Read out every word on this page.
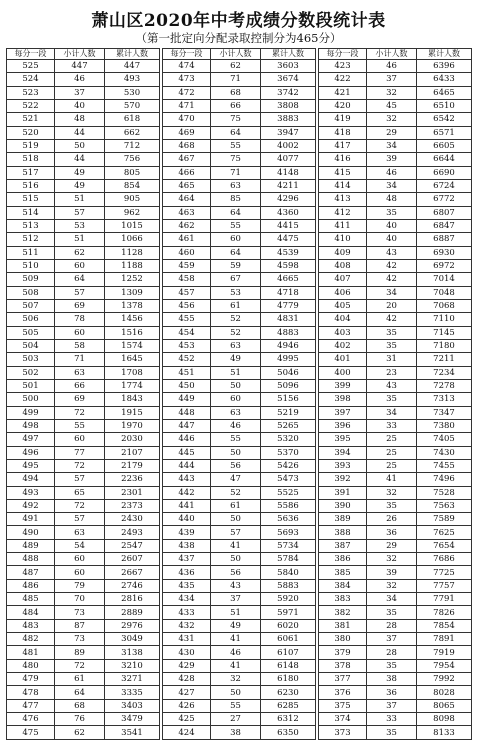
萧山区2020年中考成绩分数段统计表
（第一批定向分配录取控制分为465分）
每分一段	小计人数	累计人数
525	447	447
524	46	493
523	37	530
522	40	570
521	48	618
520	44	662
519	50	712
518	44	756
517	49	805
516	49	854
515	51	905
514	57	962
513	53	1015
512	51	1066
511	62	1128
510	60	1188
509	64	1252
508	57	1309
507	69	1378
506	78	1456
505	60	1516
504	58	1574
503	71	1645
502	63	1708
501	66	1774
500	69	1843
499	72	1915
498	55	1970
497	60	2030
496	77	2107
495	72	2179
494	57	2236
493	65	2301
492	72	2373
491	57	2430
490	63	2493
489	54	2547
488	60	2607
487	60	2667
486	79	2746
485	70	2816
484	73	2889
483	87	2976
482	73	3049
481	89	3138
480	72	3210
479	61	3271
478	64	3335
477	68	3403
476	76	3479
475	62	3541
每分一段	小计人数	累计人数
474	62	3603
473	71	3674
472	68	3742
471	66	3808
470	75	3883
469	64	3947
468	55	4002
467	75	4077
466	71	4148
465	63	4211
464	85	4296
463	64	4360
462	55	4415
461	60	4475
460	64	4539
459	59	4598
458	67	4665
457	53	4718
456	61	4779
455	52	4831
454	52	4883
453	63	4946
452	49	4995
451	51	5046
450	50	5096
449	60	5156
448	63	5219
447	46	5265
446	55	5320
445	50	5370
444	56	5426
443	47	5473
442	52	5525
441	61	5586
440	50	5636
439	57	5693
438	41	5734
437	50	5784
436	56	5840
435	43	5883
434	37	5920
433	51	5971
432	49	6020
431	41	6061
430	46	6107
429	41	6148
428	32	6180
427	50	6230
426	55	6285
425	27	6312
424	38	6350
每分一段	小计人数	累计人数
423	46	6396
422	37	6433
421	32	6465
420	45	6510
419	32	6542
418	29	6571
417	34	6605
416	39	6644
415	46	6690
414	34	6724
413	48	6772
412	35	6807
411	40	6847
410	40	6887
409	43	6930
408	42	6972
407	42	7014
406	34	7048
405	20	7068
404	42	7110
403	35	7145
402	35	7180
401	31	7211
400	23	7234
399	43	7278
398	35	7313
397	34	7347
396	33	7380
395	25	7405
394	25	7430
393	25	7455
392	41	7496
391	32	7528
390	35	7563
389	26	7589
388	36	7625
387	29	7654
386	32	7686
385	39	7725
384	32	7757
383	34	7791
382	35	7826
381	28	7854
380	37	7891
379	28	7919
378	35	7954
377	38	7992
376	36	8028
375	37	8065
374	33	8098
373	35	8133
